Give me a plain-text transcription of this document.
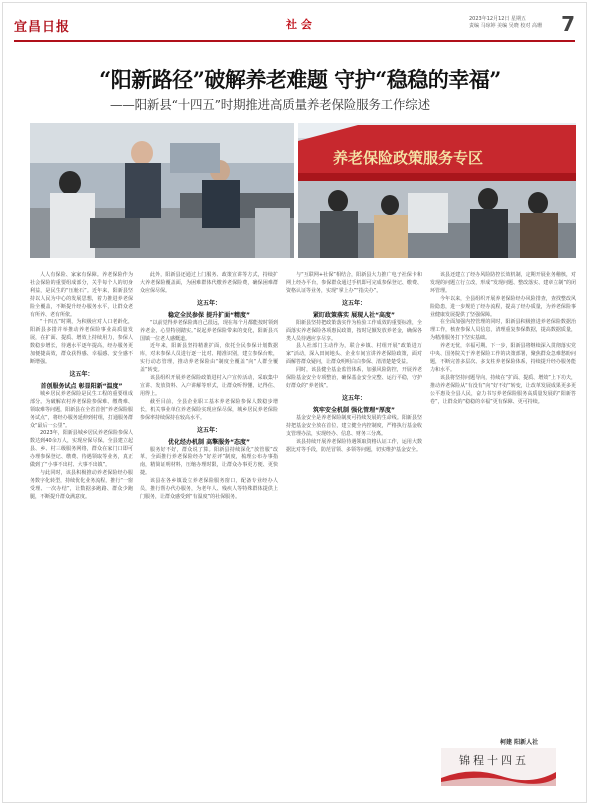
宜昌日报	社 会	2023年12月12日 星期五
责编 马琼婷 美编 吴晓 校对 高珊 7
“阳新路径”破解养老难题 守护“稳稳的幸福”
——阳新县“十四五”时期推进高质量养老保险服务工作综述
养老保险政策服务专区

人人有保险、家家有保障。养老保险作为社会保险的重要组成部分，关乎每个人的切身利益，是民生的“压舱石”。近年来，阳新县坚持以人民为中心的发展思想，着力推进养老保险全覆盖，不断提升经办服务水平，让群众老有所养、老有所依。

“十四五”时期，为积极应对人口老龄化，阳新县多措并举推动养老保险事业高质量发展，在扩面、提质、增效上持续用力，参保人数稳步增长，待遇水平逐年提高，经办服务更加便捷高效，群众获得感、幸福感、安全感不断增强。

这五年：
首创服务试点 彰显阳新“温度”

城乡居民养老保险是民生工程的重要组成部分。为破解农村养老保险参保难、缴费难、领取难等问题，阳新县在全省首创“养老保险服务试点”，将经办服务延伸到村组，打通服务群众“最后一公里”。

2023年，阳新县城乡居民养老保险参保人数达到40余万人，实现应保尽保。全县建立起县、乡、村三级服务网络，群众在家门口即可办理参保登记、缴费、待遇领取等业务，真正做到了“小事不出村、大事不出镇”。

与此同时，该县积极推动养老保险经办服务数字化转型，持续优化业务流程，推行“一窗受理、一次办结”，让数据多跑路、群众少跑腿，不断提升群众满意度。

此外，阳新县还通过上门服务、政策宣讲等方式，持续扩大养老保险覆盖面，为困难群体代缴养老保险费，确保困难群众应保尽保。

这五年：
稳定全民参保 提升扩面“精度”

“以前觉得养老保险离自己很远，现在每个月都能按时领到养老金，心里特别踏实。”说起养老保险带来的变化，阳新县兴国镇一位老人感慨道。

近年来，阳新县坚持精准扩面，依托全民参保计划数据库，对未参保人员进行逐一比对、精准识别，建立参保台账，实行动态管理，推动养老保险由“制度全覆盖”向“人群全覆盖”转变。

该县组织开展养老保险政策进村入户宣传活动，采取集中宣讲、发放资料、入户讲解等形式，让群众听得懂、记得住、用得上。

截至目前，全县企业职工基本养老保险参保人数稳步增长，机关事业单位养老保险实现应保尽保，城乡居民养老保险参保率持续保持在较高水平。

这五年：
优化经办机制 高擎服务“态度”

服务好不好，群众说了算。阳新县持续深化“放管服”改革，全面推行养老保险经办“好差评”制度，梳理公布办事指南，精简证明材料，压缩办理时限，让群众办事更方便、更快捷。

该县在各乡镇设立养老保险服务窗口，配备专业经办人员，推行帮办代办服务，为老年人、残疾人等特殊群体提供上门服务，让群众感受到“有温度”的社保服务。

与“互联网+社保”相结合，阳新县大力推广电子社保卡和网上经办平台，参保群众通过手机即可完成参保登记、缴费、资格认证等业务，实现“掌上办”“指尖办”。

这五年：
紧盯政策落实 展现人社“高度”

阳新县坚持把政策落实作为检验工作成效的重要标准，全面落实养老保险各项惠民政策，按时足额发放养老金，确保各类人员待遇应享尽享。

县人社部门主动作为，联合乡镇、村组开展“政策进万家”活动，深入田间地头、企业车间宣讲养老保险政策，面对面解答群众疑问，让群众明明白白参保、清清楚楚受益。

同时，该县健全基金监管体系，加强风险防控，开展养老保险基金安全专项整治，确保基金安全完整、运行平稳，守护好群众的“养老钱”。

这五年：
筑牢安全机制 强化管理“厚度”

基金安全是养老保险制度可持续发展的生命线。阳新县坚持把基金安全放在首位，建立健全内控制度，严格执行基金收支管理办法，实现经办、信息、财务三分离。

该县持续开展养老保险待遇领取资格认证工作，运用大数据比对等手段，防范冒领、多领等问题，切实维护基金安全。

该县还建立了经办风险防控长效机制，定期开展业务稽核，对发现的问题立行立改，形成“发现问题、整改落实、建章立制”的闭环管理。

今年以来，全县组织开展养老保险经办风险排查，查找整改风险隐患，进一步规范了经办流程，提高了经办质量，为养老保险事业健康发展提供了坚强保障。

在全面加强内控管理的同时，阳新县积极推进养老保险数据治理工作，核查参保人员信息，清理重复参保数据，提高数据质量，为精准服务打下坚实基础。

养老无忧，幸福可期。下一步，阳新县将继续深入贯彻落实党中央、国务院关于养老保险工作的决策部署，聚焦群众急难愁盼问题，不断完善多层次、多支柱养老保险体系，持续提升经办服务能力和水平。

该县将坚持问题导向，持续在“扩面、提质、增效”上下功夫，推动养老保险从“有没有”向“好不好”转变，让改革发展成果更多更公平惠及全县人民，奋力书写养老保险服务高质量发展的“阳新答卷”，让群众的“稳稳的幸福”更有保障、更可持续。

柯建 阳新人社
锦程十四五
